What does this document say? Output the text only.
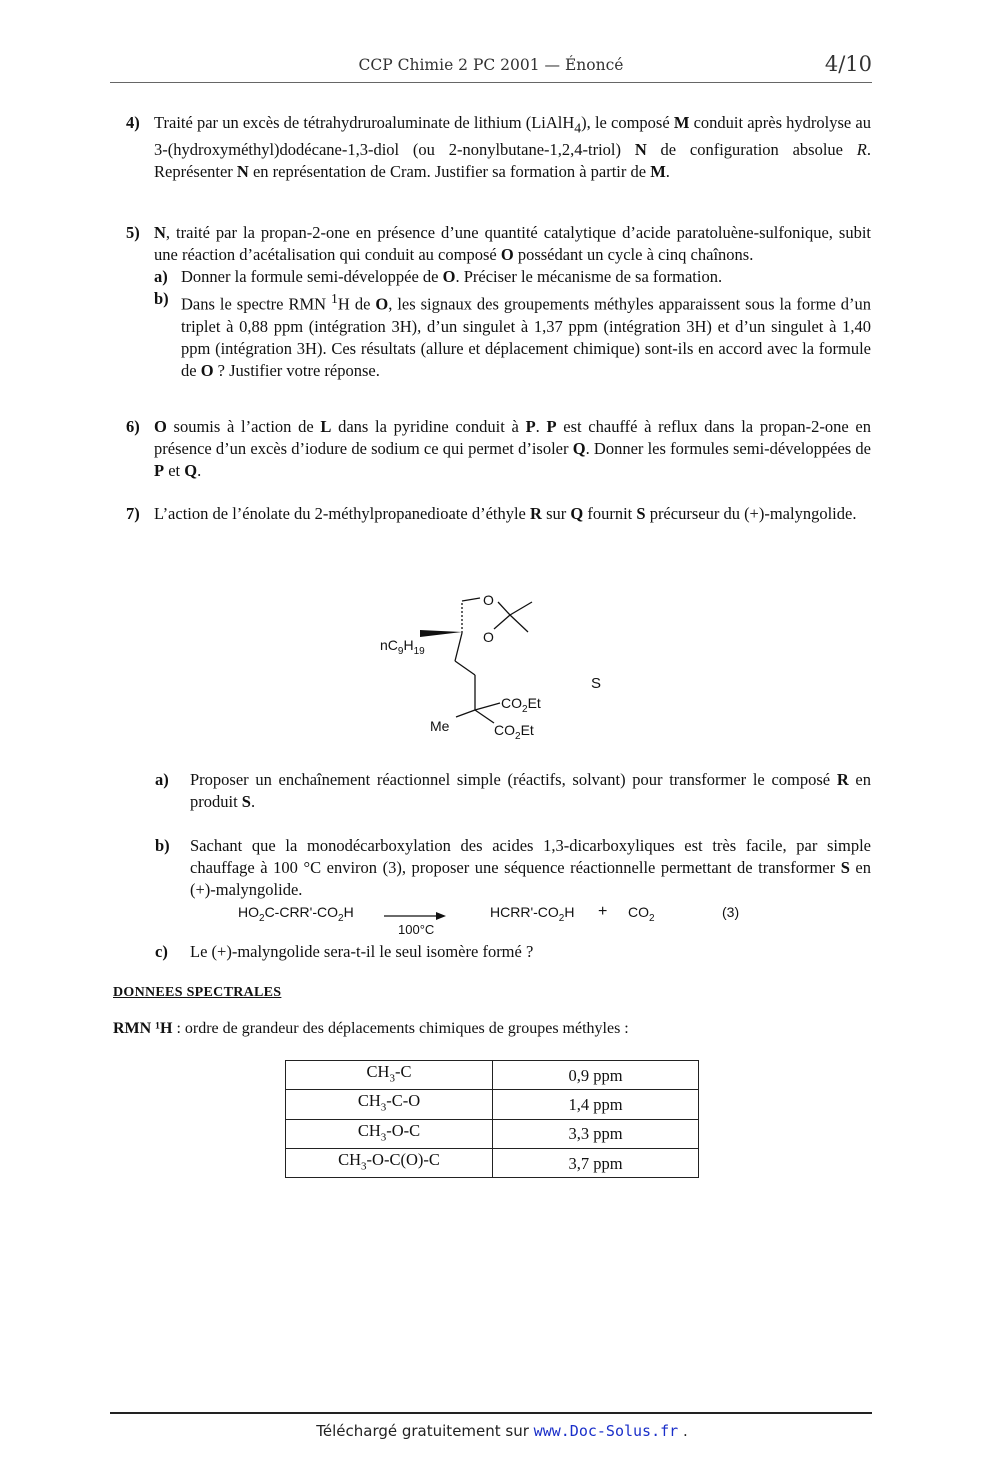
CCP Chimie 2 PC 2001 — Énoncé	4/10
4) Traité par un excès de tétrahydruroaluminate de lithium (LiAlH$_4$), le composé M conduit après hydrolyse au 3-(hydroxyméthyl)dodécane-1,3-diol (ou 2-nonylbutane-1,2,4-triol) N de configuration absolue R. Représenter N en représentation de Cram. Justifier sa formation à partir de M.
5) N, traité par la propan-2-one en présence d’une quantité catalytique d’acide paratoluène-sulfonique, subit une réaction d’acétalisation qui conduit au composé O possédant un cycle à cinq chaînons.
a) Donner la formule semi-développée de O. Préciser le mécanisme de sa formation.
b) Dans le spectre RMN $^1$H de O, les signaux des groupements méthyles apparaissent sous la forme d’un triplet à 0,88 ppm (intégration 3H), d’un singulet à 1,37 ppm (intégration 3H) et d’un singulet à 1,40 ppm (intégration 3H). Ces résultats (allure et déplacement chimique) sont-ils en accord avec la formule de O ? Justifier votre réponse.
6) O soumis à l’action de L dans la pyridine conduit à P. P est chauffé à reflux dans la propan-2-one en présence d’un excès d’iodure de sodium ce qui permet d’isoler Q. Donner les formules semi-développées de P et Q.
7) L’action de l’énolate du 2-méthylpropanedioate d’éthyle R sur Q fournit S précurseur du (+)-malyngolide.
O
O
$nC_9H_{19}$
$CO_2Et$
$CO_2Et$
Me
S
a) Proposer un enchaînement réactionnel simple (réactifs, solvant) pour transformer le composé R en produit S.
b) Sachant que la monodécarboxylation des acides 1,3-dicarboxyliques est très facile, par simple chauffage à 100 °C environ (3), proposer une séquence réactionnelle permettant de transformer S en (+)-malyngolide.
$HO_2C-CRR'-CO_2H$
100°C
$HCRR'-CO_2H + CO_2$	(3)
c) Le (+)-malyngolide sera-t-il le seul isomère formé ?
DONNEES SPECTRALES
RMN ¹H : ordre de grandeur des déplacements chimiques de groupes méthyles :
$CH_3-C$	0,9 ppm
$CH_3-C-O$	1,4 ppm
$CH_3-O-C$	3,3 ppm
$CH_3-O-C(O)-C$	3,7 ppm
Téléchargé gratuitement sur www.Doc-Solus.fr .
